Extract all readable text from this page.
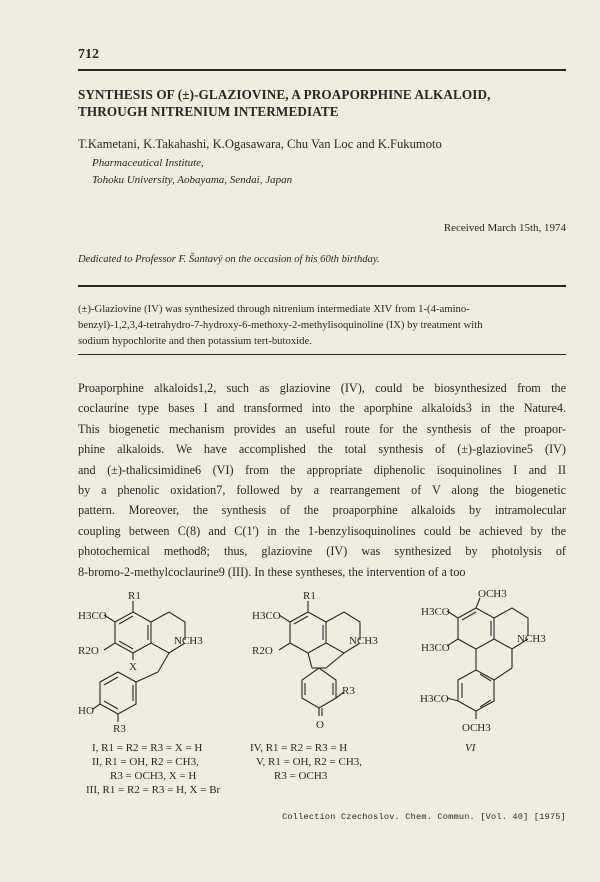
712
SYNTHESIS OF (±)-GLAZIOVINE, A PROAPORPHINE ALKALOID,
THROUGH NITRENIUM INTERMEDIATE
T.Kametani, K.Takahashi, K.Ogasawara, Chu Van Loc and K.Fukumoto
Pharmaceutical Institute,
Tohoku University, Aobayama, Sendai, Japan
Received March 15th, 1974
Dedicated to Professor F. Šantavý on the occasion of his 60th birthday.
(±)-Glaziovine (IV) was synthesized through nitrenium intermediate XIV from 1-(4-amino-
benzyl)-1,2,3,4-tetrahydro-7-hydroxy-6-methoxy-2-methylisoquinoline (IX) by treatment with
sodium hypochlorite and then potassium tert-butoxide.
Proaporphine alkaloids1,2, such as glaziovine (IV), could be biosynthesized from the
coclaurine type bases I and transformed into the aporphine alkaloids3 in the Nature4.
This biogenetic mechanism provides an useful route for the synthesis of the proapor-
phine alkaloids. We have accomplished the total synthesis of (±)-glaziovine5 (IV)
and (±)-thalicsimidine6 (VI) from the appropriate diphenolic isoquinolines I and II
by a phenolic oxidation7, followed by a rearrangement of V along the biogenetic
pattern. Moreover, the synthesis of the proaporphine alkaloids by intramolecular
coupling between C(8) and C(1') in the 1-benzylisoquinolines could be achieved by the
photochemical method8; thus, glaziovine (IV) was synthesized by photolysis of
8-bromo-2-methylcoclaurine9 (III). In these syntheses, the intervention of a too
R1
H3CO
R2O
X
NCH3
HO
R3
R1
H3CO
R2O
NCH3
R3
O
OCH3
H3CO
H3CO
NCH3
H3CO
OCH3
I, R1 = R2 = R3 = X = H
II, R1 = OH, R2 = CH3,
R3 = OCH3, X = H
III, R1 = R2 = R3 = H, X = Br
IV, R1 = R2 = R3 = H
V, R1 = OH, R2 = CH3,
R3 = OCH3
VI
Collection Czechoslov. Chem. Commun. [Vol. 40] [1975]
